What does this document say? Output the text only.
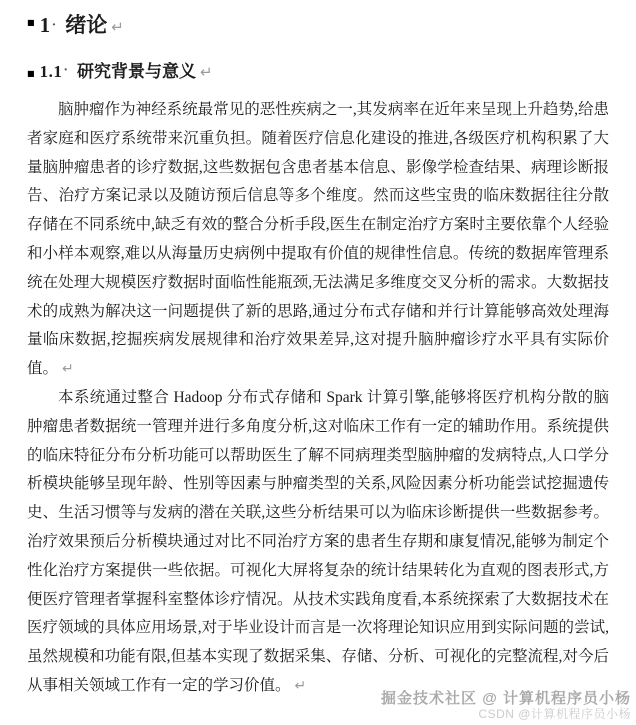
■ 1· 绪论 ↵
■ 1.1· 研究背景与意义 ↵

脑肿瘤作为神经系统最常见的恶性疾病之一,其发病率在近年来呈现上升趋势,给患者家庭和医疗系统带来沉重负担。随着医疗信息化建设的推进,各级医疗机构积累了大量脑肿瘤患者的诊疗数据,这些数据包含患者基本信息、影像学检查结果、病理诊断报告、治疗方案记录以及随访预后信息等多个维度。然而这些宝贵的临床数据往往分散存储在不同系统中,缺乏有效的整合分析手段,医生在制定治疗方案时主要依靠个人经验和小样本观察,难以从海量历史病例中提取有价值的规律性信息。传统的数据库管理系统在处理大规模医疗数据时面临性能瓶颈,无法满足多维度交叉分析的需求。大数据技术的成熟为解决这一问题提供了新的思路,通过分布式存储和并行计算能够高效处理海量临床数据,挖掘疾病发展规律和治疗效果差异,这对提升脑肿瘤诊疗水平具有实际价值。 ↵

本系统通过整合 Hadoop 分布式存储和 Spark 计算引擎,能够将医疗机构分散的脑肿瘤患者数据统一管理并进行多角度分析,这对临床工作有一定的辅助作用。系统提供的临床特征分布分析功能可以帮助医生了解不同病理类型脑肿瘤的发病特点,人口学分析模块能够呈现年龄、性别等因素与肿瘤类型的关系,风险因素分析功能尝试挖掘遗传史、生活习惯等与发病的潜在关联,这些分析结果可以为临床诊断提供一些数据参考。治疗效果预后分析模块通过对比不同治疗方案的患者生存期和康复情况,能够为制定个性化治疗方案提供一些依据。可视化大屏将复杂的统计结果转化为直观的图表形式,方便医疗管理者掌握科室整体诊疗情况。从技术实践角度看,本系统探索了大数据技术在医疗领域的具体应用场景,对于毕业设计而言是一次将理论知识应用到实际问题的尝试,虽然规模和功能有限,但基本实现了数据采集、存储、分析、可视化的完整流程,对今后从事相关领域工作有一定的学习价值。 ↵

掘金技术社区 @ 计算机程序员小杨
CSDN @计算机程序员小杨
